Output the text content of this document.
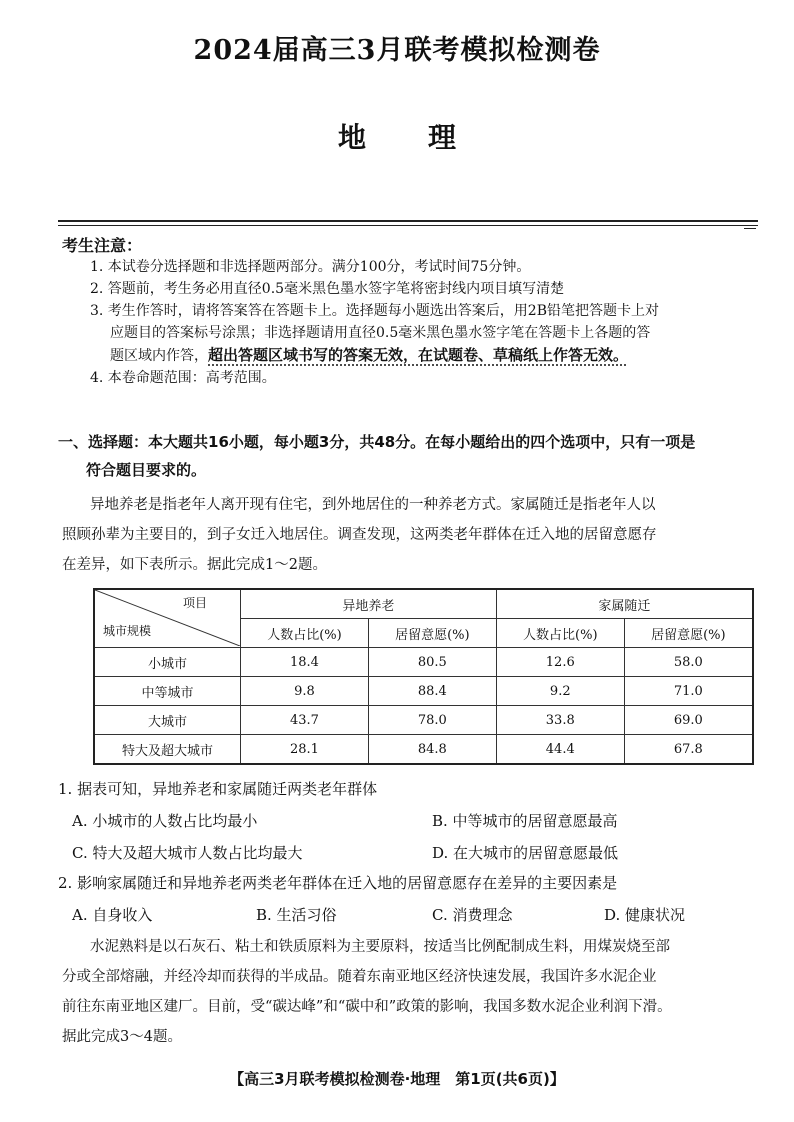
2024届高三3月联考模拟检测卷
地理
考生注意：
1. 本试卷分选择题和非选择题两部分。满分100分，考试时间75分钟。
2. 答题前，考生务必用直径0.5毫米黑色墨水签字笔将密封线内项目填写清楚
3. 考生作答时，请将答案答在答题卡上。选择题每小题选出答案后，用2B铅笔把答题卡上对
应题目的答案标号涂黑；非选择题请用直径0.5毫米黑色墨水签字笔在答题卡上各题的答
题区域内作答，超出答题区域书写的答案无效，在试题卷、草稿纸上作答无效。
4. 本卷命题范围：高考范围。
一、选择题：本大题共16小题，每小题3分，共48分。在每小题给出的四个选项中，只有一项是
符合题目要求的。
异地养老是指老年人离开现有住宅，到外地居住的一种养老方式。家属随迁是指老年人以
照顾孙辈为主要目的，到子女迁入地居住。调查发现，这两类老年群体在迁入地的居留意愿存
在差异，如下表所示。据此完成1～2题。
项目
城市规模	异地养老		家属随迁	
	人数占比(%)	居留意愿(%)	人数占比(%)	居留意愿(%)
小城市	18.4	80.5	12.6	58.0
中等城市	9.8	88.4	9.2	71.0
大城市	43.7	78.0	33.8	69.0
特大及超大城市	28.1	84.8	44.4	67.8
1. 据表可知，异地养老和家属随迁两类老年群体
A. 小城市的人数占比均最小	B. 中等城市的居留意愿最高
C. 特大及超大城市人数占比均最大	D. 在大城市的居留意愿最低
2. 影响家属随迁和异地养老两类老年群体在迁入地的居留意愿存在差异的主要因素是
A. 自身收入	B. 生活习俗	C. 消费理念	D. 健康状况
水泥熟料是以石灰石、粘土和铁质原料为主要原料，按适当比例配制成生料，用煤炭烧至部
分或全部熔融，并经冷却而获得的半成品。随着东南亚地区经济快速发展，我国许多水泥企业
前往东南亚地区建厂。目前，受“碳达峰”和“碳中和”政策的影响，我国多数水泥企业利润下滑。
据此完成3～4题。
【高三3月联考模拟检测卷·地理　第1页(共6页)】
